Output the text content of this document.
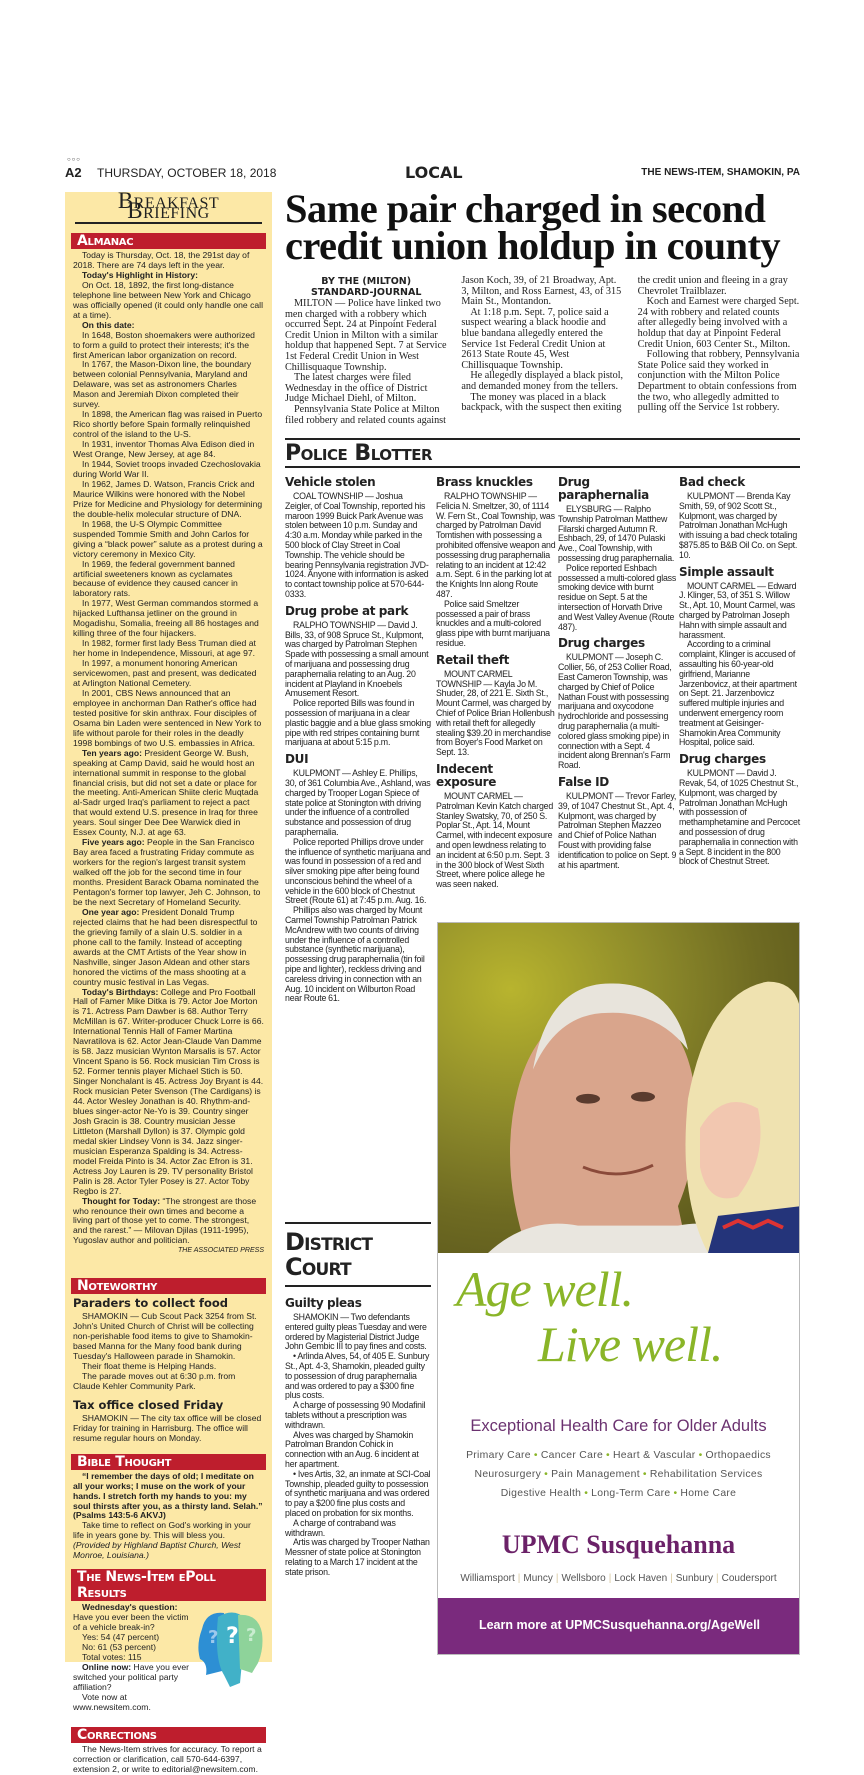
○○○
A2 THURSDAY, OCTOBER 18, 2018	LOCAL	THE NEWS-ITEM, SHAMOKIN, PA
Breakfast Briefing
Almanac

Today is Thursday, Oct. 18, the 291st day of 2018. There are 74 days left in the year.

Today's Highlight in History:

On Oct. 18, 1892, the first long-distance telephone line between New York and Chicago was officially opened (it could only handle one call at a time).

On this date:

In 1648, Boston shoemakers were authorized to form a guild to protect their interests; it's the first American labor organization on record.

In 1767, the Mason-Dixon line, the boundary between colonial Pennsylvania, Maryland and Delaware, was set as astronomers Charles Mason and Jeremiah Dixon completed their survey.

In 1898, the American flag was raised in Puerto Rico shortly before Spain formally relinquished control of the island to the U-S.

In 1931, inventor Thomas Alva Edison died in West Orange, New Jersey, at age 84.

In 1944, Soviet troops invaded Czechoslovakia during World War II.

In 1962, James D. Watson, Francis Crick and Maurice Wilkins were honored with the Nobel Prize for Medicine and Physiology for determining the double-helix molecular structure of DNA.

In 1968, the U-S Olympic Committee suspended Tommie Smith and John Carlos for giving a “black power” salute as a protest during a victory ceremony in Mexico City.

In 1969, the federal government banned artificial sweeteners known as cyclamates because of evidence they caused cancer in laboratory rats.

In 1977, West German commandos stormed a hijacked Lufthansa jetliner on the ground in Mogadishu, Somalia, freeing all 86 hostages and killing three of the four hijackers.

In 1982, former first lady Bess Truman died at her home in Independence, Missouri, at age 97.

In 1997, a monument honoring American servicewomen, past and present, was dedicated at Arlington National Cemetery.

In 2001, CBS News announced that an employee in anchorman Dan Rather's office had tested positive for skin anthrax. Four disciples of Osama bin Laden were sentenced in New York to life without parole for their roles in the deadly 1998 bombings of two U.S. embassies in Africa.

Ten years ago: President George W. Bush, speaking at Camp David, said he would host an international summit in response to the global financial crisis, but did not set a date or place for the meeting. Anti-American Shiite cleric Muqtada al-Sadr urged Iraq's parliament to reject a pact that would extend U.S. presence in Iraq for three years. Soul singer Dee Dee Warwick died in Essex County, N.J. at age 63.

Five years ago: People in the San Francisco Bay area faced a frustrating Friday commute as workers for the region's largest transit system walked off the job for the second time in four months. President Barack Obama nominated the Pentagon's former top lawyer, Jeh C. Johnson, to be the next Secretary of Homeland Security.

One year ago: President Donald Trump rejected claims that he had been disrespectful to the grieving family of a slain U.S. soldier in a phone call to the family. Instead of accepting awards at the CMT Artists of the Year show in Nashville, singer Jason Aldean and other stars honored the victims of the mass shooting at a country music festival in Las Vegas.

Today's Birthdays: College and Pro Football Hall of Famer Mike Ditka is 79. Actor Joe Morton is 71. Actress Pam Dawber is 68. Author Terry McMillan is 67. Writer-producer Chuck Lorre is 66. International Tennis Hall of Famer Martina Navratilova is 62. Actor Jean-Claude Van Damme is 58. Jazz musician Wynton Marsalis is 57. Actor Vincent Spano is 56. Rock musician Tim Cross is 52. Former tennis player Michael Stich is 50. Singer Nonchalant is 45. Actress Joy Bryant is 44. Rock musician Peter Svenson (The Cardigans) is 44. Actor Wesley Jonathan is 40. Rhythm-and-blues singer-actor Ne-Yo is 39. Country singer Josh Gracin is 38. Country musician Jesse Littleton (Marshall Dyllon) is 37. Olympic gold medal skier Lindsey Vonn is 34. Jazz singer-musician Esperanza Spalding is 34. Actress-model Freida Pinto is 34. Actor Zac Efron is 31. Actress Joy Lauren is 29. TV personality Bristol Palin is 28. Actor Tyler Posey is 27. Actor Toby Regbo is 27.

Thought for Today: “The strongest are those who renounce their own times and become a living part of those yet to come. The strongest, and the rarest.” — Milovan Djilas (1911-1995), Yugoslav author and politician.

THE ASSOCIATED PRESS
Noteworthy
Paraders to collect food

SHAMOKIN — Cub Scout Pack 3254 from St. John's United Church of Christ will be collecting non-perishable food items to give to Shamokin-based Manna for the Many food bank during Tuesday's Halloween parade in Shamokin.

Their float theme is Helping Hands.

The parade moves out at 6:30 p.m. from Claude Kehler Community Park.

Tax office closed Friday

SHAMOKIN — The city tax office will be closed Friday for training in Harrisburg. The office will resume regular hours on Monday.

Bible Thought

“I remember the days of old; I meditate on all your works; I muse on the work of your hands. I stretch forth my hands to you: my soul thirsts after you, as a thirsty land. Selah.” (Psalms 143:5-6 AKVJ)

Take time to reflect on God's working in your life in years gone by. This will bless you. (Provided by Highland Baptist Church, West Monroe, Louisiana.)

The News-Item ePoll Results

Wednesday's question: Have you ever been the victim of a vehicle break-in?

Yes: 54 (47 percent)

No: 61 (53 percent)

Total votes: 115

Online now: Have you ever switched your political party affiliation?

Vote now at www.newsitem.com.

? ? ?
Corrections

The News-Item strives for accuracy. To report a correction or clarification, call 570-644-6397, extension 2, or write to editorial@newsitem.com.

Same pair charged in second credit union holdup in county
BY THE (MILTON)
STANDARD-JOURNAL

MILTON — Police have linked two men charged with a robbery which occurred Sept. 24 at Pinpoint Federal Credit Union in Milton with a similar holdup that happened Sept. 7 at Service 1st Federal Credit Union in West Chillisquaque Township.

The latest charges were filed Wednesday in the office of District Judge Michael Diehl, of Milton.

Pennsylvania State Police at Milton filed robbery and related counts against Jason Koch, 39, of 21 Broadway, Apt. 3, Milton, and Ross Earnest, 43, of 315 Main St., Montandon.

At 1:18 p.m. Sept. 7, police said a suspect wearing a black hoodie and blue bandana allegedly entered the Service 1st Federal Credit Union at 2613 State Route 45, West Chillisquaque Township.

He allegedly displayed a black pistol, and demanded money from the tellers.

The money was placed in a black backpack, with the suspect then exiting the credit union and fleeing in a gray Chevrolet Trailblazer.

Koch and Earnest were charged Sept. 24 with robbery and related counts after allegedly being involved with a holdup that day at Pinpoint Federal Credit Union, 603 Center St., Milton.

Following that robbery, Pennsylvania State Police said they worked in conjunction with the Milton Police Department to obtain confessions from the two, who allegedly admitted to pulling off the Service 1st robbery.

Police Blotter
Vehicle stolen

COAL TOWNSHIP — Joshua Zeigler, of Coal Township, reported his maroon 1999 Buick Park Avenue was stolen between 10 p.m. Sunday and 4:30 a.m. Monday while parked in the 500 block of Clay Street in Coal Township. The vehicle should be bearing Pennsylvania registration JVD-1024. Anyone with information is asked to contact township police at 570-644-0333.

Drug probe at park

RALPHO TOWNSHIP — David J. Bills, 33, of 908 Spruce St., Kulpmont, was charged by Patrolman Stephen Spade with possessing a small amount of marijuana and possessing drug paraphernalia relating to an Aug. 20 incident at Playland in Knoebels Amusement Resort.

Police reported Bills was found in possession of marijuana in a clear plastic baggie and a blue glass smoking pipe with red stripes containing burnt marijuana at about 5:15 p.m.

DUI

KULPMONT — Ashley E. Phillips, 30, of 361 Columbia Ave., Ashland, was charged by Trooper Logan Spiece of state police at Stonington with driving under the influence of a controlled substance and possession of drug paraphernalia.

Police reported Phillips drove under the influence of synthetic marijuana and was found in possession of a red and silver smoking pipe after being found unconscious behind the wheel of a vehicle in the 600 block of Chestnut Street (Route 61) at 7:45 p.m. Aug. 16.

Phillips also was charged by Mount Carmel Township Patrolman Patrick McAndrew with two counts of driving under the influence of a controlled substance (synthetic marijuana), possessing drug paraphernalia (tin foil pipe and lighter), reckless driving and careless driving in connection with an Aug. 10 incident on Wilburton Road near Route 61.

Brass knuckles

RALPHO TOWNSHIP — Felicia N. Smeltzer, 30, of 1114 W. Fern St., Coal Township, was charged by Patrolman David Tomtishen with possessing a prohibited offensive weapon and possessing drug paraphernalia relating to an incident at 12:42 a.m. Sept. 6 in the parking lot at the Knights Inn along Route 487.

Police said Smeltzer possessed a pair of brass knuckles and a multi-colored glass pipe with burnt marijuana residue.

Retail theft

MOUNT CARMEL TOWNSHIP — Kayla Jo M. Shuder, 28, of 221 E. Sixth St., Mount Carmel, was charged by Chief of Police Brian Hollenbush with retail theft for allegedly stealing $39.20 in merchandise from Boyer's Food Market on Sept. 13.

Indecent exposure

MOUNT CARMEL — Patrolman Kevin Katch charged Stanley Swatsky, 70, of 250 S. Poplar St., Apt. 14, Mount Carmel, with indecent exposure and open lewdness relating to an incident at 6:50 p.m. Sept. 3 in the 300 block of West Sixth Street, where police allege he was seen naked.

Drug paraphernalia

ELYSBURG — Ralpho Township Patrolman Matthew Filarski charged Autumn R. Eshbach, 29, of 1470 Pulaski Ave., Coal Township, with possessing drug paraphernalia.

Police reported Eshbach possessed a multi-colored glass smoking device with burnt residue on Sept. 5 at the intersection of Horvath Drive and West Valley Avenue (Route 487).

Drug charges

KULPMONT — Joseph C. Collier, 56, of 253 Collier Road, East Cameron Township, was charged by Chief of Police Nathan Foust with possessing marijuana and oxycodone hydrochloride and possessing drug paraphernalia (a multi-colored glass smoking pipe) in connection with a Sept. 4 incident along Brennan's Farm Road.

False ID

KULPMONT — Trevor Farley, 39, of 1047 Chestnut St., Apt. 4, Kulpmont, was charged by Patrolman Stephen Mazzeo and Chief of Police Nathan Foust with providing false identification to police on Sept. 9 at his apartment.

Bad check

KULPMONT — Brenda Kay Smith, 59, of 902 Scott St., Kulpmont, was charged by Patrolman Jonathan McHugh with issuing a bad check totaling $875.85 to B&B Oil Co. on Sept. 10.

Simple assault

MOUNT CARMEL — Edward J. Klinger, 53, of 351 S. Willow St., Apt. 10, Mount Carmel, was charged by Patrolman Joseph Hahn with simple assault and harassment.

According to a criminal complaint, Klinger is accused of assaulting his 60-year-old girlfriend, Marianne Jarzenbovicz, at their apartment on Sept. 21. Jarzenbovicz suffered multiple injuries and underwent emergency room treatment at Geisinger-Shamokin Area Community Hospital, police said.

Drug charges

KULPMONT — David J. Revak, 54, of 1025 Chestnut St., Kulpmont, was charged by Patrolman Jonathan McHugh with possession of methamphetamine and Percocet and possession of drug paraphernalia in connection with a Sept. 8 incident in the 800 block of Chestnut Street.

District Court
Guilty pleas

SHAMOKIN — Two defendants entered guilty pleas Tuesday and were ordered by Magisterial District Judge John Gembic III to pay fines and costs.

• Arlinda Alves, 54, of 405 E. Sunbury St., Apt. 4-3, Shamokin, pleaded guilty to possession of drug paraphernalia and was ordered to pay a $300 fine plus costs.

A charge of possessing 90 Modafinil tablets without a prescription was withdrawn.

Alves was charged by Shamokin Patrolman Brandon Cohick in connection with an Aug. 6 incident at her apartment.

• Ives Artis, 32, an inmate at SCI-Coal Township, pleaded guilty to possession of synthetic marijuana and was ordered to pay a $200 fine plus costs and placed on probation for six months.

A charge of contraband was withdrawn.

Artis was charged by Trooper Nathan Messner of state police at Stonington relating to a March 17 incident at the state prison.

Age well.
Live well.
Exceptional Health Care for Older Adults
Primary Care • Cancer Care • Heart & Vascular • Orthopaedics
Neurosurgery • Pain Management • Rehabilitation Services
Digestive Health • Long-Term Care • Home Care
UPMC Susquehanna
Williamsport | Muncy | Wellsboro | Lock Haven | Sunbury | Coudersport
Learn more at UPMCSusquehanna.org/AgeWell
